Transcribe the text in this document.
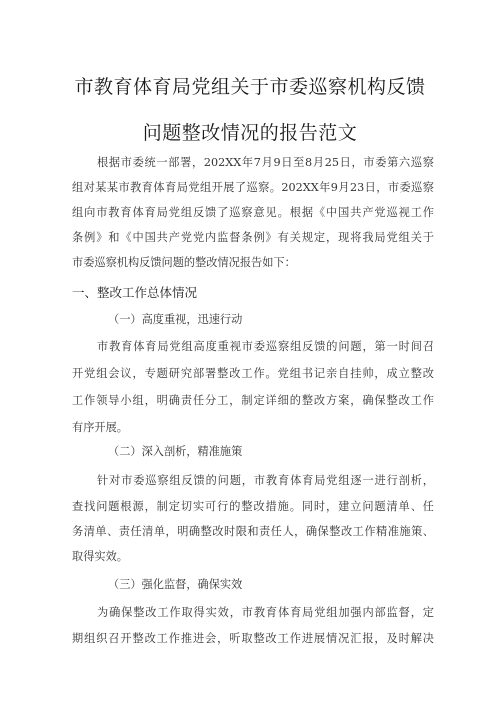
市教育体育局党组关于市委巡察机构反馈
问题整改情况的报告范文
根据市委统一部署，202XX年7月9日至8月25日，市委第六巡察
组对某某市教育体育局党组开展了巡察。202XX年9月23日，市委巡察
组向市教育体育局党组反馈了巡察意见。根据《中国共产党巡视工作
条例》和《中国共产党党内监督条例》有关规定，现将我局党组关于
市委巡察机构反馈问题的整改情况报告如下：
一、整改工作总体情况
（一）高度重视，迅速行动
市教育体育局党组高度重视市委巡察组反馈的问题，第一时间召
开党组会议，专题研究部署整改工作。党组书记亲自挂帅，成立整改
工作领导小组，明确责任分工，制定详细的整改方案，确保整改工作
有序开展。
（二）深入剖析，精准施策
针对市委巡察组反馈的问题，市教育体育局党组逐一进行剖析，
查找问题根源，制定切实可行的整改措施。同时，建立问题清单、任
务清单、责任清单，明确整改时限和责任人，确保整改工作精准施策、
取得实效。
（三）强化监督，确保实效
为确保整改工作取得实效，市教育体育局党组加强内部监督，定
期组织召开整改工作推进会，听取整改工作进展情况汇报，及时解决
